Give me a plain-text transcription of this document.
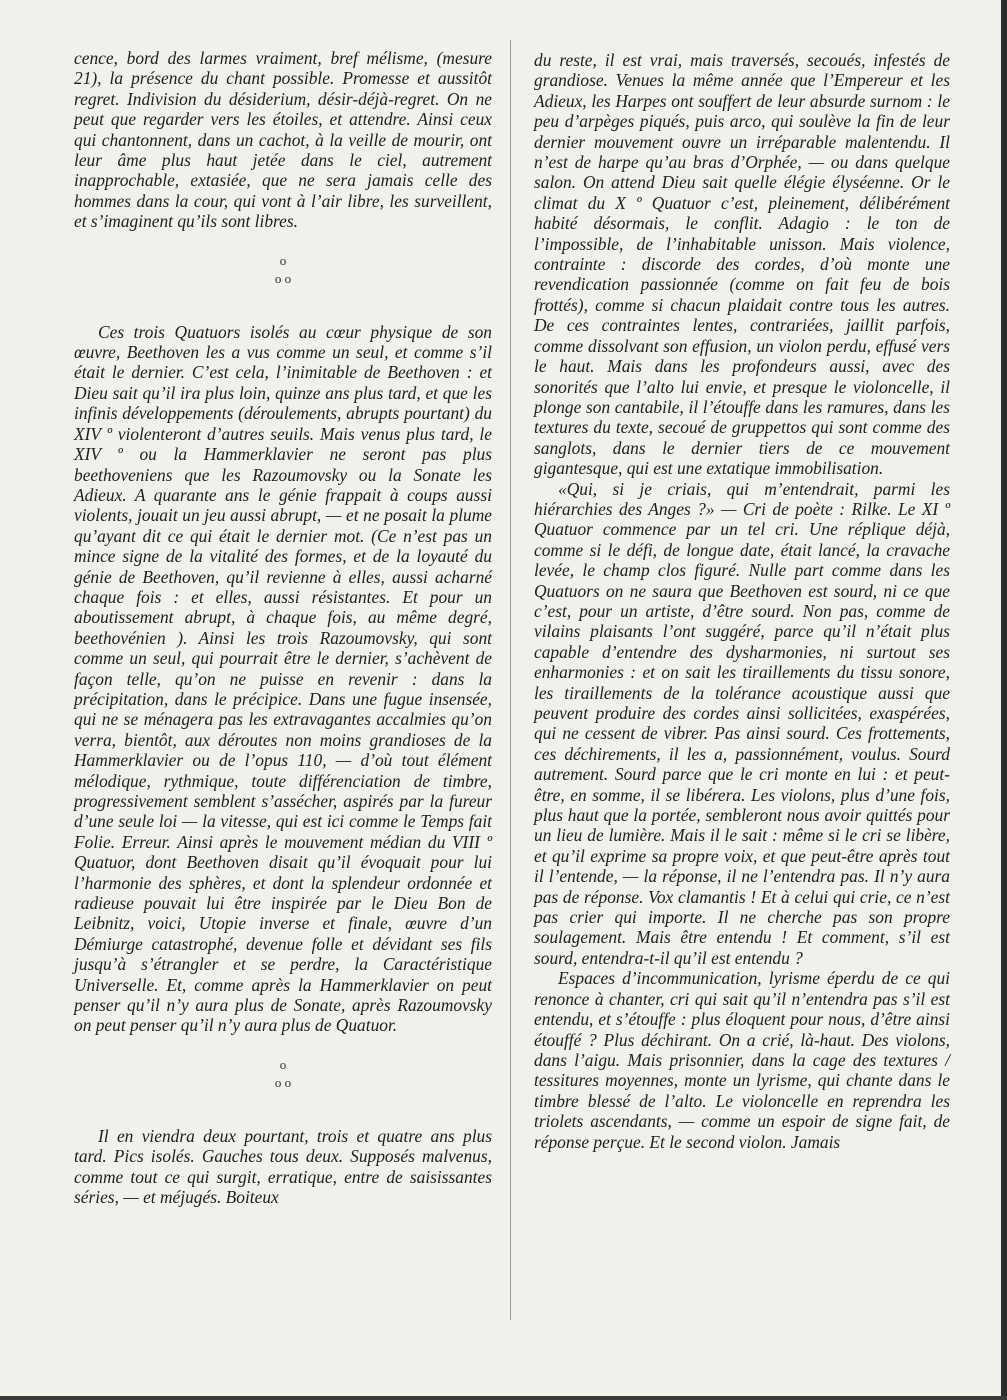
cence, bord des larmes vraiment, bref mélisme, (mesure 21), la présence du chant possible. Promesse et aussitôt regret. Indivision du désiderium, désir-déjà-regret. On ne peut que regarder vers les étoiles, et attendre. Ainsi ceux qui chantonnent, dans un cachot, à la veille de mourir, ont leur âme plus haut jetée dans le ciel, autrement inapprochable, extasiée, que ne sera jamais celle des hommes dans la cour, qui vont à l’air libre, les surveillent, et s’imaginent qu’ils sont libres.

o
o o

Ces trois Quatuors isolés au cœur physique de son œuvre, Beethoven les a vus comme un seul, et comme s’il était le dernier. C’est cela, l’inimitable de Beethoven : et Dieu sait qu’il ira plus loin, quinze ans plus tard, et que les infinis développements (déroulements, abrupts pourtant) du XIV º violenteront d’autres seuils. Mais venus plus tard, le XIV º ou la Hammerklavier ne seront pas plus beethoveniens que les Razoumovsky ou la Sonate les Adieux. A quarante ans le génie frappait à coups aussi violents, jouait un jeu aussi abrupt, — et ne posait la plume qu’ayant dit ce qui était le dernier mot. (Ce n’est pas un mince signe de la vitalité des formes, et de la loyauté du génie de Beethoven, qu’il revienne à elles, aussi acharné chaque fois : et elles, aussi résistantes. Et pour un aboutissement abrupt, à chaque fois, au même degré, beethovénien ). Ainsi les trois Razoumovsky, qui sont comme un seul, qui pourrait être le dernier, s’achèvent de façon telle, qu’on ne puisse en revenir : dans la précipitation, dans le précipice. Dans une fugue insensée, qui ne se ménagera pas les extravagantes accalmies qu’on verra, bientôt, aux déroutes non moins grandioses de la Hammerklavier ou de l’opus 110, — d’où tout élément mélodique, rythmique, toute différenciation de timbre, progressivement semblent s’assécher, aspirés par la fureur d’une seule loi — la vitesse, qui est ici comme le Temps fait Folie. Erreur. Ainsi après le mouvement médian du VIII º Quatuor, dont Beethoven disait qu’il évoquait pour lui l’harmonie des sphères, et dont la splendeur ordonnée et radieuse pouvait lui être inspirée par le Dieu Bon de Leibnitz, voici, Utopie inverse et finale, œuvre d’un Démiurge catastrophé, devenue folle et dévidant ses fils jusqu’à s’étrangler et se perdre, la Caractéristique Universelle. Et, comme après la Hammerklavier on peut penser qu’il n’y aura plus de Sonate, après Razoumovsky on peut penser qu’il n’y aura plus de Quatuor.

o
o o

Il en viendra deux pourtant, trois et quatre ans plus tard. Pics isolés. Gauches tous deux. Supposés malvenus, comme tout ce qui surgit, erratique, entre de saisissantes séries, — et méjugés. Boiteux

du reste, il est vrai, mais traversés, secoués, infestés de grandiose. Venues la même année que l’Empereur et les Adieux, les Harpes ont souffert de leur absurde surnom : le peu d’arpèges piqués, puis arco, qui soulève la fin de leur dernier mouvement ouvre un irréparable malentendu. Il n’est de harpe qu’au bras d’Orphée, — ou dans quelque salon. On attend Dieu sait quelle élégie élyséenne. Or le climat du X º Quatuor c’est, pleinement, délibérément habité désormais, le conflit. Adagio : le ton de l’impossible, de l’inhabitable unisson. Mais violence, contrainte : discorde des cordes, d’où monte une revendication passionnée (comme on fait feu de bois frottés), comme si chacun plaidait contre tous les autres. De ces contraintes lentes, contrariées, jaillit parfois, comme dissolvant son effusion, un violon perdu, effusé vers le haut. Mais dans les profondeurs aussi, avec des sonorités que l’alto lui envie, et presque le violoncelle, il plonge son cantabile, il l’étouffe dans les ramures, dans les textures du texte, secoué de gruppettos qui sont comme des sanglots, dans le dernier tiers de ce mouvement gigantesque, qui est une extatique immobilisation.

«Qui, si je criais, qui m’entendrait, parmi les hiérarchies des Anges ?» — Cri de poète : Rilke. Le XI º Quatuor commence par un tel cri. Une réplique déjà, comme si le défi, de longue date, était lancé, la cravache levée, le champ clos figuré. Nulle part comme dans les Quatuors on ne saura que Beethoven est sourd, ni ce que c’est, pour un artiste, d’être sourd. Non pas, comme de vilains plaisants l’ont suggéré, parce qu’il n’était plus capable d’entendre des dysharmonies, ni surtout ses enharmonies : et on sait les tiraillements du tissu sonore, les tiraillements de la tolérance acoustique aussi que peuvent produire des cordes ainsi sollicitées, exaspérées, qui ne cessent de vibrer. Pas ainsi sourd. Ces frottements, ces déchirements, il les a, passionnément, voulus. Sourd autrement. Sourd parce que le cri monte en lui : et peut-être, en somme, il se libérera. Les violons, plus d’une fois, plus haut que la portée, sembleront nous avoir quittés pour un lieu de lumière. Mais il le sait : même si le cri se libère, et qu’il exprime sa propre voix, et que peut-être après tout il l’entende, — la réponse, il ne l’entendra pas. Il n’y aura pas de réponse. Vox clamantis ! Et à celui qui crie, ce n’est pas crier qui importe. Il ne cherche pas son propre soulagement. Mais être entendu ! Et comment, s’il est sourd, entendra-t-il qu’il est entendu ?

Espaces d’incommunication, lyrisme éperdu de ce qui renonce à chanter, cri qui sait qu’il n’entendra pas s’il est entendu, et s’étouffe : plus éloquent pour nous, d’être ainsi étouffé ? Plus déchirant. On a crié, là-haut. Des violons, dans l’aigu. Mais prisonnier, dans la cage des textures / tessitures moyennes, monte un lyrisme, qui chante dans le timbre blessé de l’alto. Le violoncelle en reprendra les triolets ascendants, — comme un espoir de signe fait, de réponse perçue. Et le second violon. Jamais
